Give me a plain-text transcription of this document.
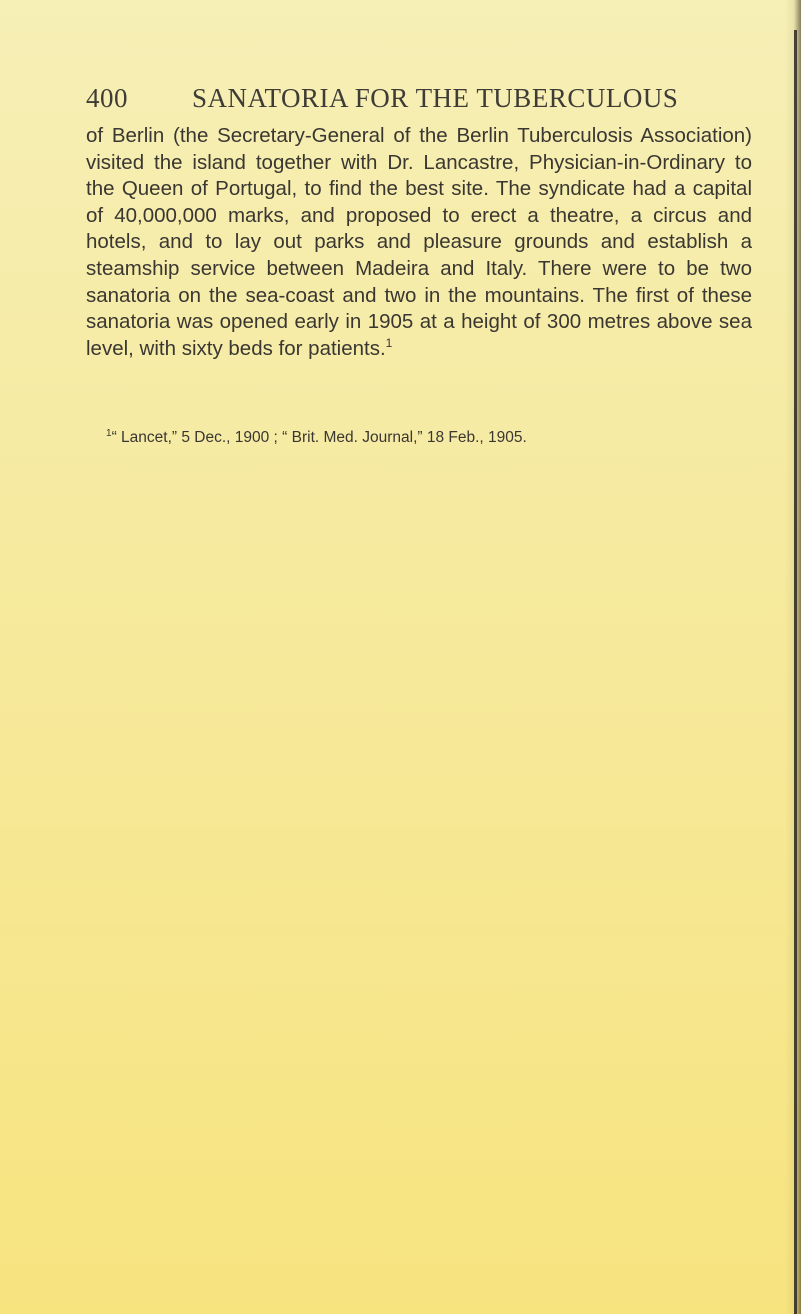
400 SANATORIA FOR THE TUBERCULOUS

of Berlin (the Secretary-General of the Berlin Tuberculosis Association) visited the island together with Dr. Lancastre, Physician-in-Ordinary to the Queen of Portugal, to find the best site. The syndicate had a capital of 40,000,000 marks, and proposed to erect a theatre, a circus and hotels, and to lay out parks and pleasure grounds and establish a steamship service between Madeira and Italy. There were to be two sanatoria on the sea-coast and two in the mountains. The first of these sanatoria was opened early in 1905 at a height of 300 metres above sea level, with sixty beds for patients.$^1$

$^1$“ Lancet,” 5 Dec., 1900 ; “ Brit. Med. Journal,” 18 Feb., 1905.
